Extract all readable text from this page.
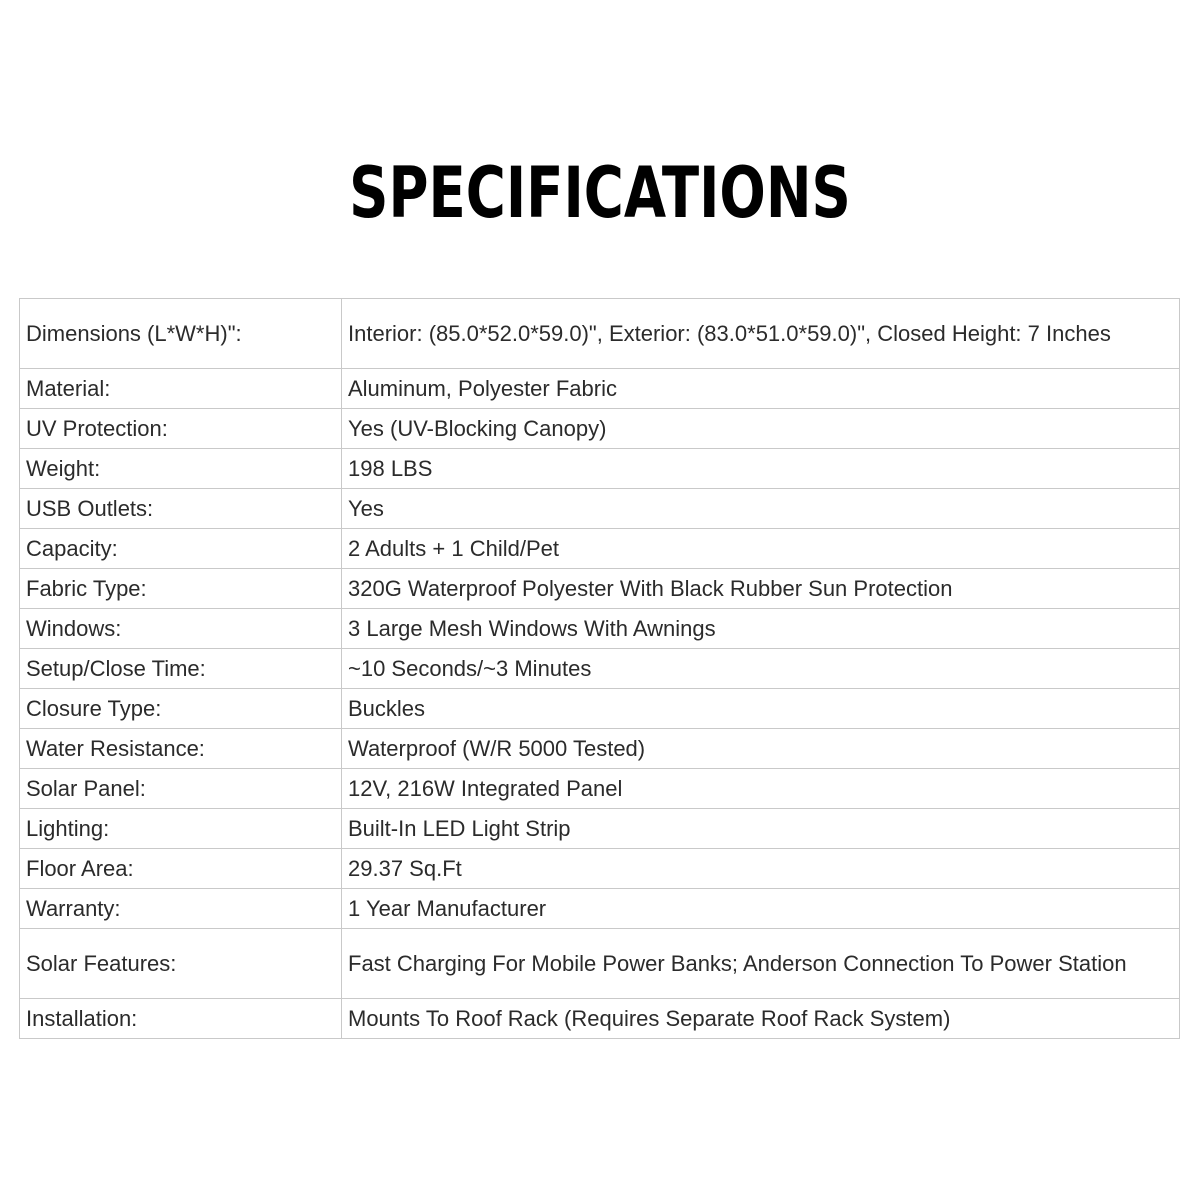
SPECIFICATIONS
Dimensions (L*W*H)":	Interior: (85.0*52.0*59.0)", Exterior: (83.0*51.0*59.0)", Closed Height: 7 Inches
Material:	Aluminum, Polyester Fabric
UV Protection:	Yes (UV-Blocking Canopy)
Weight:	198 LBS
USB Outlets:	Yes
Capacity:	2 Adults + 1 Child/Pet
Fabric Type:	320G Waterproof Polyester With Black Rubber Sun Protection
Windows:	3 Large Mesh Windows With Awnings
Setup/Close Time:	~10 Seconds/~3 Minutes
Closure Type:	Buckles
Water Resistance:	Waterproof (W/R 5000 Tested)
Solar Panel:	12V, 216W Integrated Panel
Lighting:	Built-In LED Light Strip
Floor Area:	29.37 Sq.Ft
Warranty:	1 Year Manufacturer
Solar Features:	Fast Charging For Mobile Power Banks; Anderson Connection To Power Station
Installation:	Mounts To Roof Rack (Requires Separate Roof Rack System)
